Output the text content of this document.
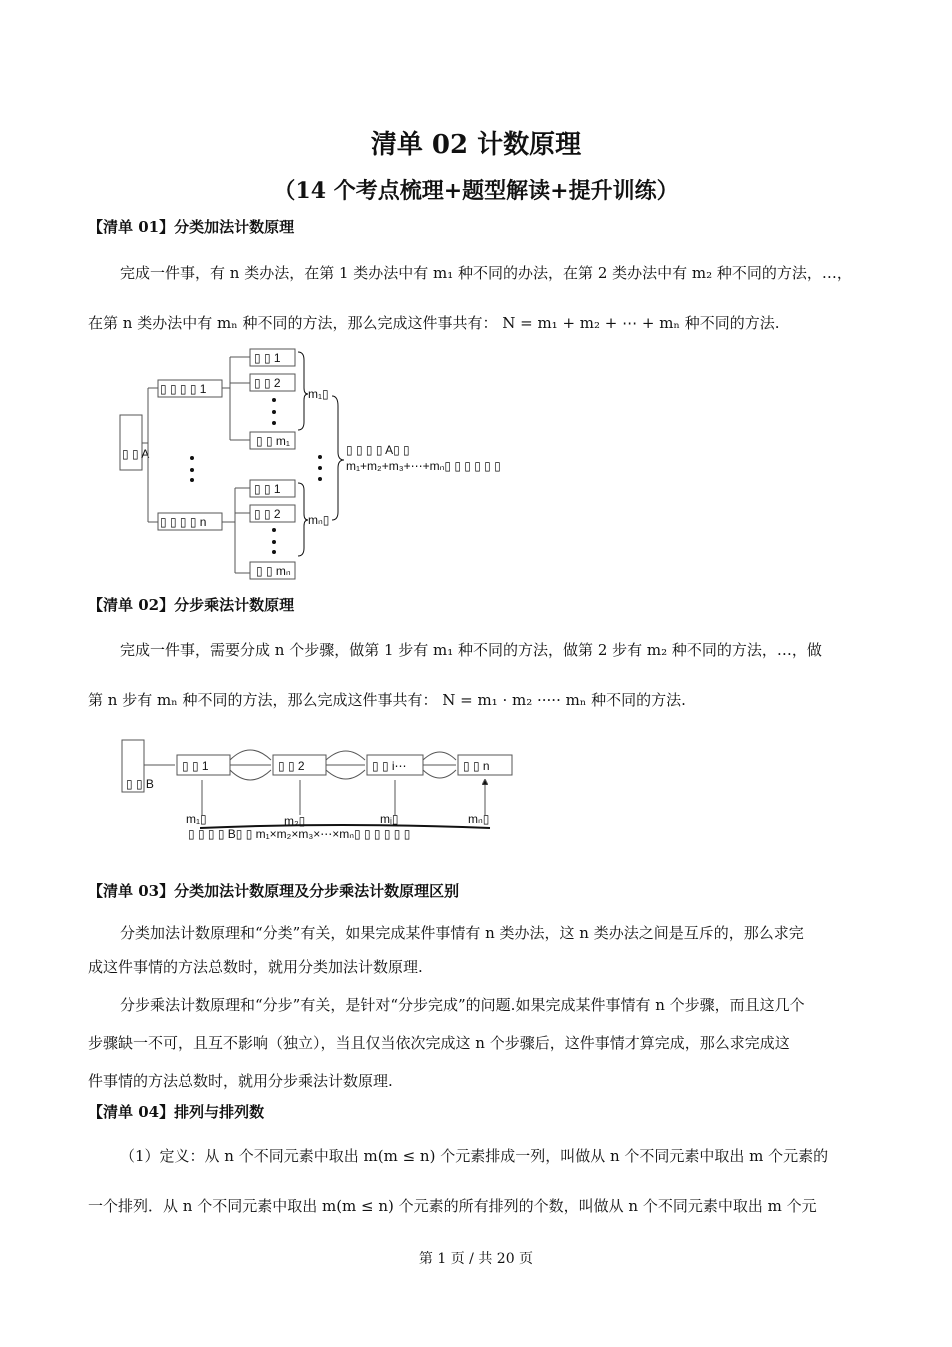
清单 02 计数原理
（14 个考点梳理+题型解读+提升训练）
【清单 01】分类加法计数原理
完成一件事，有 n 类办法，在第 1 类办法中有 m₁ 种不同的办法，在第 2 类办法中有 m₂ 种不同的方法，…，
在第 n 类办法中有 mₙ 种不同的方法，那么完成这件事共有： N = m₁ + m₂ + ⋯ + mₙ 种不同的方法.
▯ ▯ A
▯ ▯ ▯ ▯ 1
▯ ▯ ▯ ▯ n
▯ ▯ 1
▯ ▯ 2
▯ ▯ m₁
▯ ▯ 1
▯ ▯ 2
▯ ▯ mₙ
m₁▯
mₙ▯
▯ ▯ ▯ ▯ A▯ ▯
m₁+m₂+m₃+⋯+mₙ▯ ▯ ▯ ▯ ▯ ▯
【清单 02】分步乘法计数原理
完成一件事，需要分成 n 个步骤，做第 1 步有 m₁ 种不同的方法，做第 2 步有 m₂ 种不同的方法，…，做
第 n 步有 mₙ 种不同的方法，那么完成这件事共有： N = m₁ · m₂ ····· mₙ 种不同的方法.
▯ ▯ B
▯ ▯ 1	▯ ▯ 2	▯ ▯ i⋯	▯ ▯ n
m₁▯	m₂▯	mᵢ▯	mₙ▯
▯ ▯ ▯ ▯ B▯ ▯ m₁×m₂×m₃×⋯×mₙ▯ ▯ ▯ ▯ ▯ ▯
【清单 03】分类加法计数原理及分步乘法计数原理区别
分类加法计数原理和“分类”有关，如果完成某件事情有 n 类办法，这 n 类办法之间是互斥的，那么求完
成这件事情的方法总数时，就用分类加法计数原理.
分步乘法计数原理和“分步”有关，是针对“分步完成”的问题.如果完成某件事情有 n 个步骤，而且这几个
步骤缺一不可，且互不影响（独立），当且仅当依次完成这 n 个步骤后，这件事情才算完成，那么求完成这
件事情的方法总数时，就用分步乘法计数原理.
【清单 04】排列与排列数
（1）定义：从 n 个不同元素中取出 m(m ≤ n) 个元素排成一列，叫做从 n 个不同元素中取出 m 个元素的
一个排列．从 n 个不同元素中取出 m(m ≤ n) 个元素的所有排列的个数，叫做从 n 个不同元素中取出 m 个元
第 1 页 / 共 20 页
